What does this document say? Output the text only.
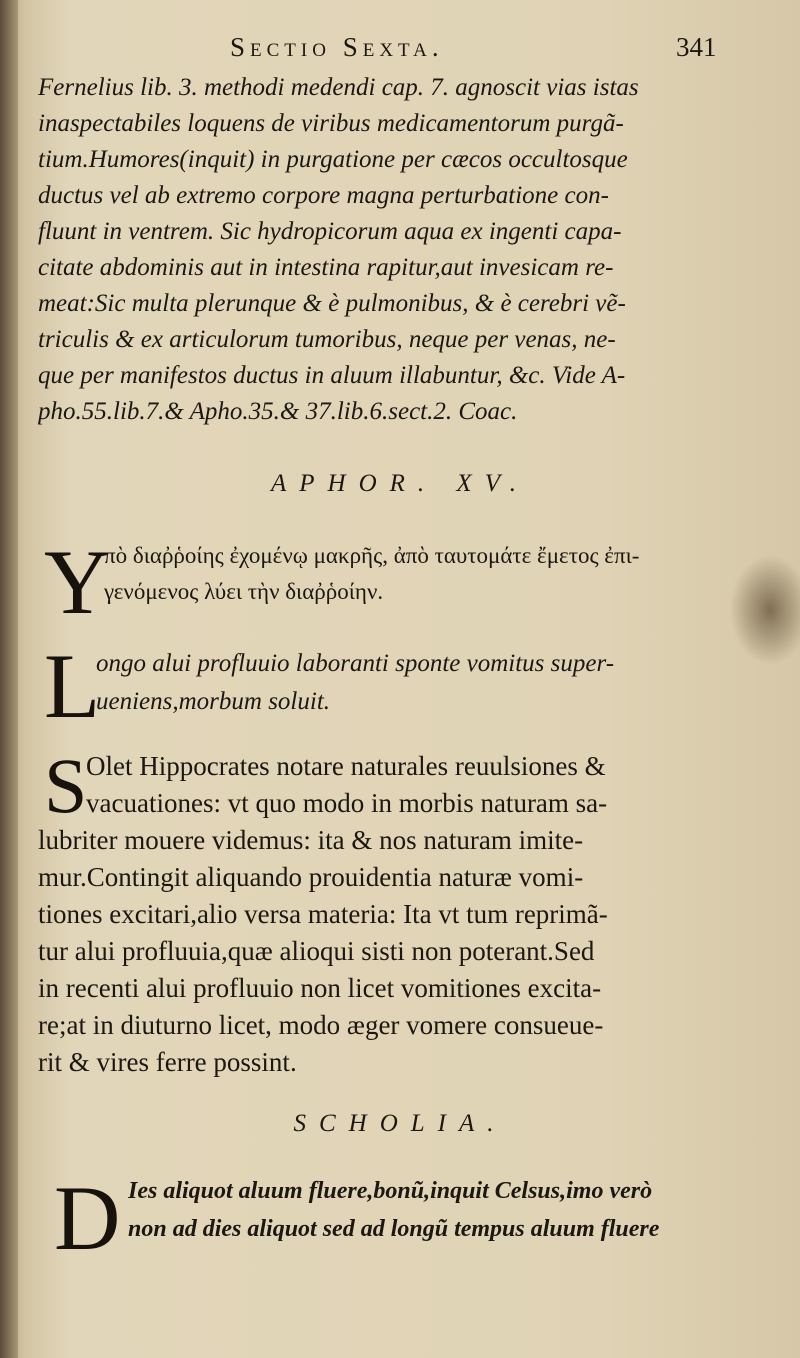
Sectio Sexta.	341
Fernelius lib. 3. methodi medendi cap. 7. agnoscit vias istas
inaspectabiles loquens de viribus medicamentorum purgã-
tium.Humores(inquit) in purgatione per cæcos occultosque
ductus vel ab extremo corpore magna perturbatione con-
fluunt in ventrem. Sic hydropicorum aqua ex ingenti capa-
citate abdominis aut in intestina rapitur,aut invesicam re-
meat:Sic multa plerunque & è pulmonibus, & è cerebri vẽ-
triculis & ex articulorum tumoribus, neque per venas, ne-
que per manifestos ductus in aluum illabuntur, &c. Vide A-
pho.55.lib.7.& Apho.35.& 37.lib.6.sect.2. Coac.
APHOR. XV.
Y
πὸ διαῤῥοίης ἐχομένῳ μακρῆς, ἀπὸ ταυτομάτε ἔμετος ἐπι-
γενόμενος λύει τὴν διαῤῥοίην.
L
ongo alui profluuio laboranti sponte vomitus super-
ueniens,morbum soluit.
S
Olet Hippocrates notare naturales reuulsiones &
vacuationes: vt quo modo in morbis naturam sa-
lubriter mouere videmus: ita & nos naturam imite-
mur.Contingit aliquando prouidentia naturæ vomi-
tiones excitari,alio versa materia: Ita vt tum reprimã-
tur alui profluuia,quæ alioqui sisti non poterant.Sed
in recenti alui profluuio non licet vomitiones excita-
re;at in diuturno licet, modo æger vomere consueue-
rit & vires ferre possint.
SCHOLIA.
D Ies aliquot aluum fluere,bonũ,inquit Celsus,imo verò
non ad dies aliquot sed ad longũ tempus aluum fluere
